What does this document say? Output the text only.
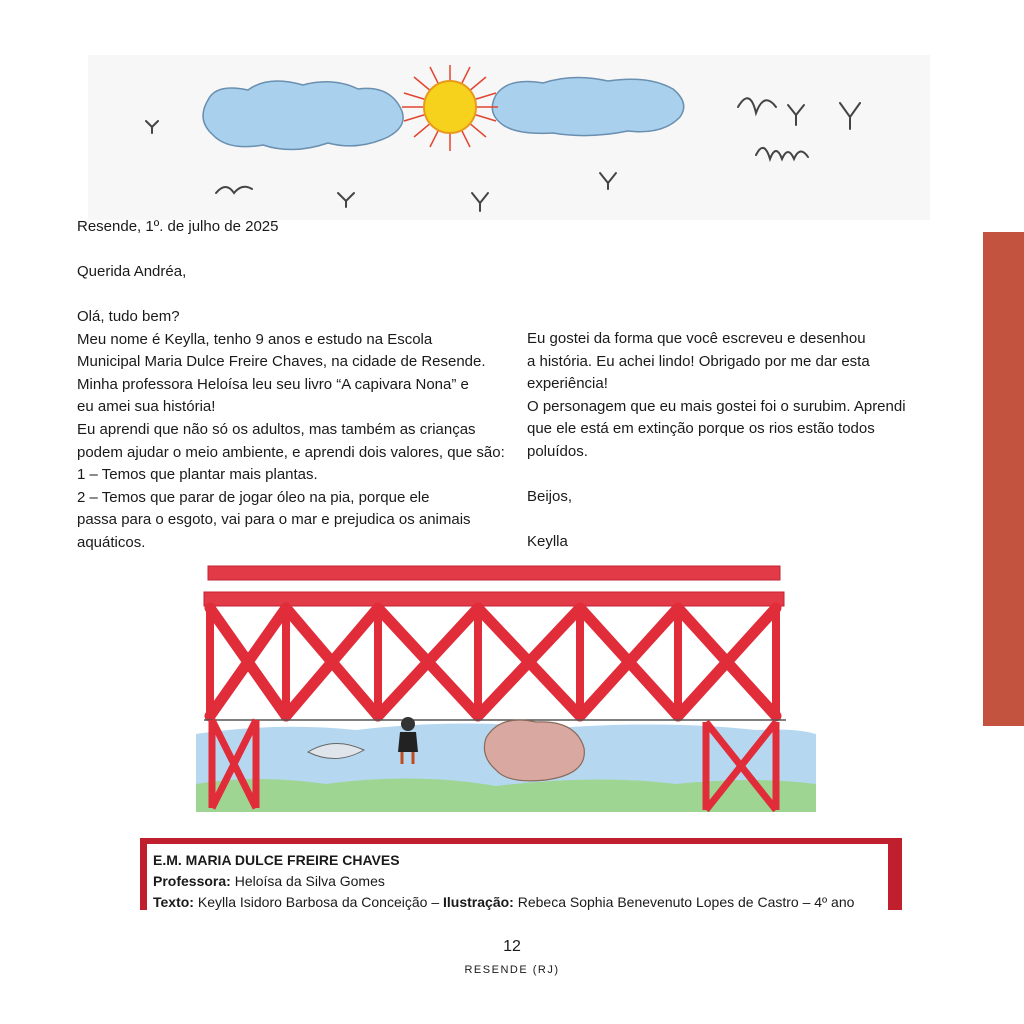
Resende, 1º. de julho de 2025
Querida Andréa,
Olá, tudo bem?
Meu nome é Keylla, tenho 9 anos e estudo na Escola
Municipal Maria Dulce Freire Chaves, na cidade de Resende.
Minha professora Heloísa leu seu livro “A capivara Nona” e
eu amei sua história!
Eu aprendi que não só os adultos, mas também as crianças
podem ajudar o meio ambiente, e aprendi dois valores, que são:
1 – Temos que plantar mais plantas.
2 – Temos que parar de jogar óleo na pia, porque ele
passa para o esgoto, vai para o mar e prejudica os animais
aquáticos.
Eu gostei da forma que você escreveu e desenhou
a história. Eu achei lindo! Obrigado por me dar esta
experiência!
O personagem que eu mais gostei foi o surubim. Aprendi
que ele está em extinção porque os rios estão todos
poluídos.
Beijos,
Keylla
E.M. MARIA DULCE FREIRE CHAVES
Professora: Heloísa da Silva Gomes
Texto: Keylla Isidoro Barbosa da Conceição – Ilustração: Rebeca Sophia Benevenuto Lopes de Castro – 4º ano
12
RESENDE (RJ)
